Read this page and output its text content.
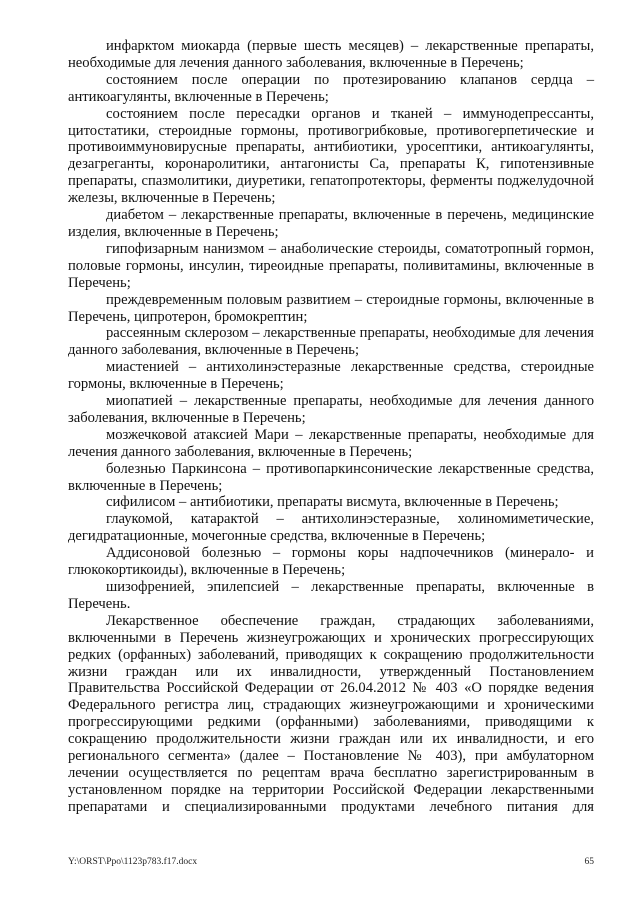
инфарктом миокарда (первые шесть месяцев) – лекарственные препараты, необходимые для лечения данного заболевания, включенные в Перечень;

состоянием после операции по протезированию клапанов сердца – антикоагулянты, включенные в Перечень;

состоянием после пересадки органов и тканей – иммунодепрессанты, цитостатики, стероидные гормоны, противогрибковые, противогерпетические и противоиммуновирусные препараты, антибиотики, уросептики, антикоагулянты, дезагреганты, коронаролитики, антагонисты Са, препараты К, гипотензивные препараты, спазмолитики, диуретики, гепатопротекторы, ферменты поджелудочной железы, включенные в Перечень;

диабетом – лекарственные препараты, включенные в перечень, медицинские изделия, включенные в Перечень;

гипофизарным нанизмом – анаболические стероиды, соматотропный гормон, половые гормоны, инсулин, тиреоидные препараты, поливитамины, включенные в Перечень;

преждевременным половым развитием – стероидные гормоны, включенные в Перечень, ципротерон, бромокрептин;

рассеянным склерозом – лекарственные препараты, необходимые для лечения данного заболевания, включенные в Перечень;

миастенией – антихолинэстеразные лекарственные средства, стероидные гормоны, включенные в Перечень;

миопатией – лекарственные препараты, необходимые для лечения данного заболевания, включенные в Перечень;

мозжечковой атаксией Мари – лекарственные препараты, необходимые для лечения данного заболевания, включенные в Перечень;

болезнью Паркинсона – противопаркинсонические лекарственные средства, включенные в Перечень;

сифилисом – антибиотики, препараты висмута, включенные в Перечень;

глаукомой, катарактой – антихолинэстеразные, холиномиметические, дегидратационные, мочегонные средства, включенные в Перечень;

Аддисоновой болезнью – гормоны коры надпочечников (минерало- и глюкокортикоиды), включенные в Перечень;

шизофренией, эпилепсией – лекарственные препараты, включенные в Перечень.

Лекарственное обеспечение граждан, страдающих заболеваниями, включенными в Перечень жизнеугрожающих и хронических прогрессирующих редких (орфанных) заболеваний, приводящих к сокращению продолжительности жизни граждан или их инвалидности, утвержденный Постановлением Правительства Российской Федерации от 26.04.2012 № 403 «О порядке ведения Федерального регистра лиц, страдающих жизнеугрожающими и хроническими прогрессирующими редкими (орфанными) заболеваниями, приводящими к сокращению продолжительности жизни граждан или их инвалидности, и его регионального сегмента» (далее – Постановление № 403), при амбулаторном лечении осуществляется по рецептам врача бесплатно зарегистрированным в установленном порядке на территории Российской Федерации лекарственными препаратами и специализированными продуктами лечебного питания для

Y:\ORST\Ppo\1123p783.f17.docx	65
